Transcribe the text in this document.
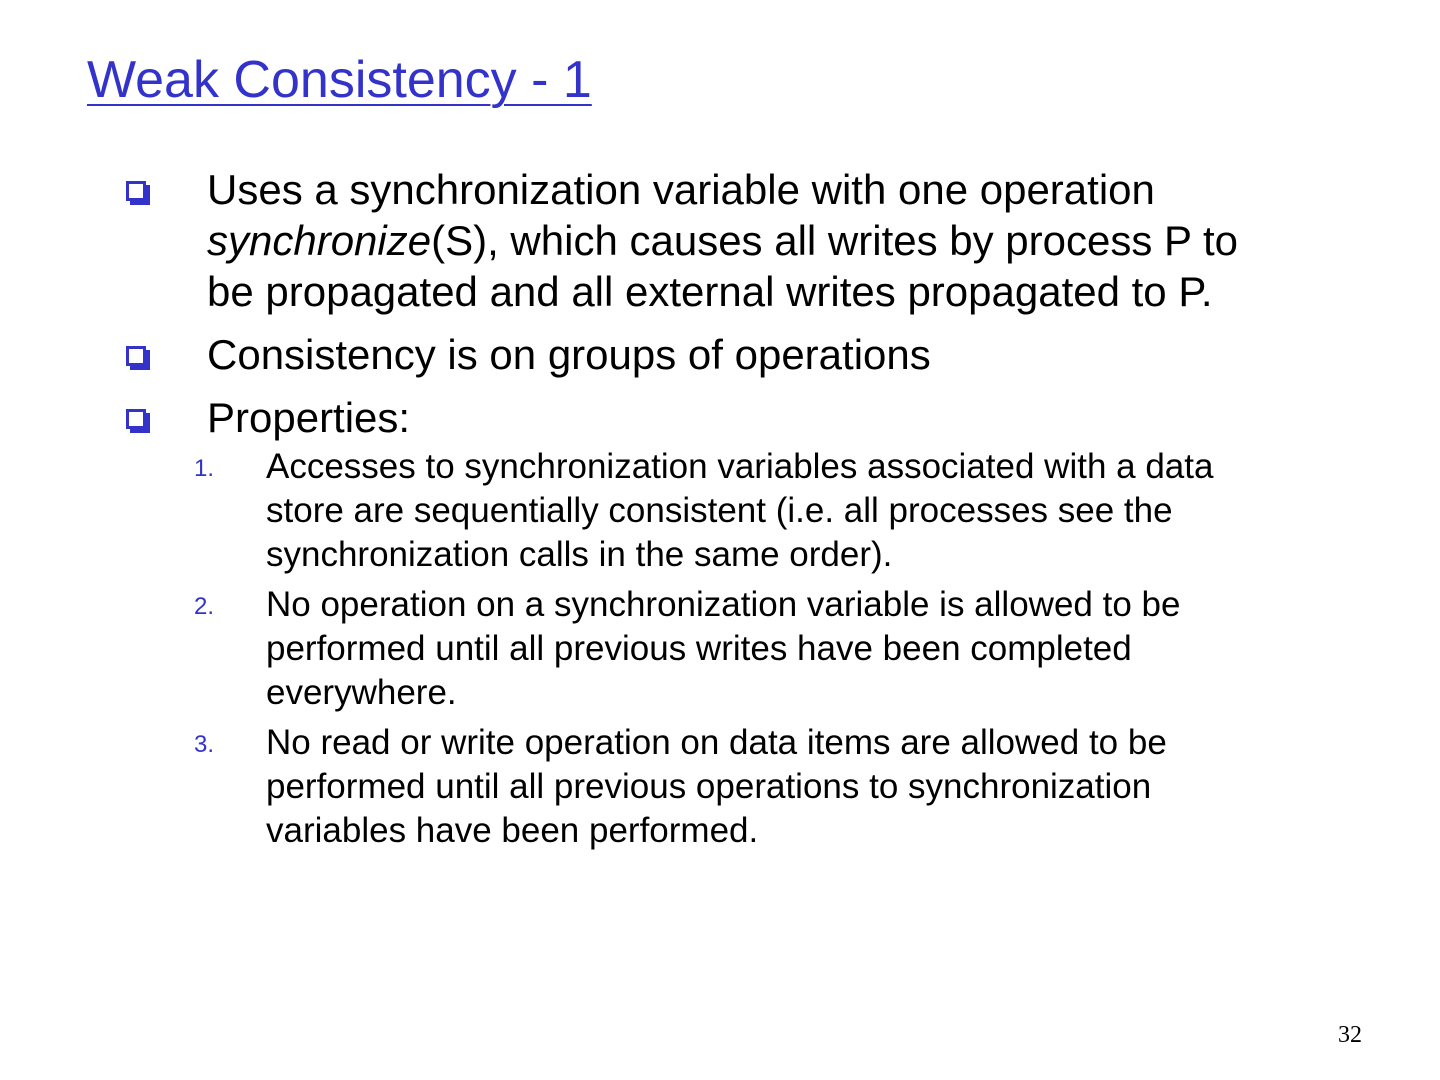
Weak Consistency - 1
Uses a synchronization variable with one operation synchronize(S), which causes all writes by process P to be propagated and all external writes propagated to P.
Consistency is on groups of operations
Properties:
1. Accesses to synchronization variables associated with a data store are sequentially consistent (i.e. all processes see the synchronization calls in the same order).
2. No operation on a synchronization variable is allowed to be performed until all previous writes have been completed everywhere.
3. No read or write operation on data items are allowed to be performed until all previous operations to synchronization variables have been performed.
32
